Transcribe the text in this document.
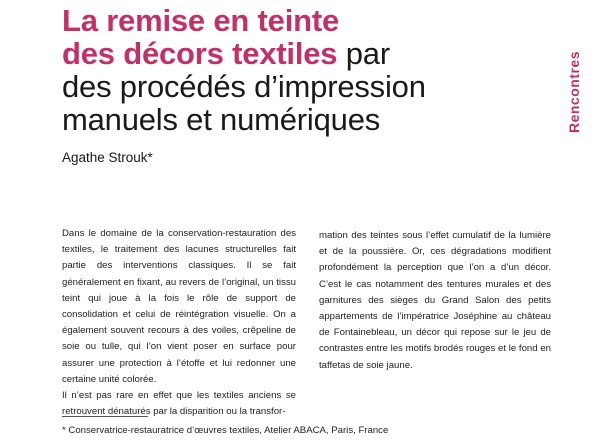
La remise en teinte
des décors textiles par
des procédés d’impression
manuels et numériques

Agathe Strouk*

Rencontres

Dans le domaine de la conservation-restauration des textiles, le traitement des lacunes structurelles fait partie des interventions classiques. Il se fait généralement en fixant, au revers de l’original, un tissu teint qui joue à la fois le rôle de support de consolidation et celui de réintégration visuelle. On a également souvent recours à des voiles, crêpeline de soie ou tulle, qui l’on vient poser en surface pour assurer une protection à l’étoffe et lui redonner une certaine unité colorée.

Il n’est pas rare en effet que les textiles anciens se retrouvent dénaturés par la disparition ou la transfor-

mation des teintes sous l’effet cumulatif de la lumière et de la poussière. Or, ces dégradations modifient profondément la perception que l’on a d’un décor. C’est le cas notamment des tentures murales et des garnitures des sièges du Grand Salon des petits appartements de l’impératrice Joséphine au château de Fontainebleau, un décor qui repose sur le jeu de contrastes entre les motifs brodés rouges et le fond en taffetas de soie jaune.

* Conservatrice-restauratrice d’œuvres textiles, Atelier ABACA, Paris, France
